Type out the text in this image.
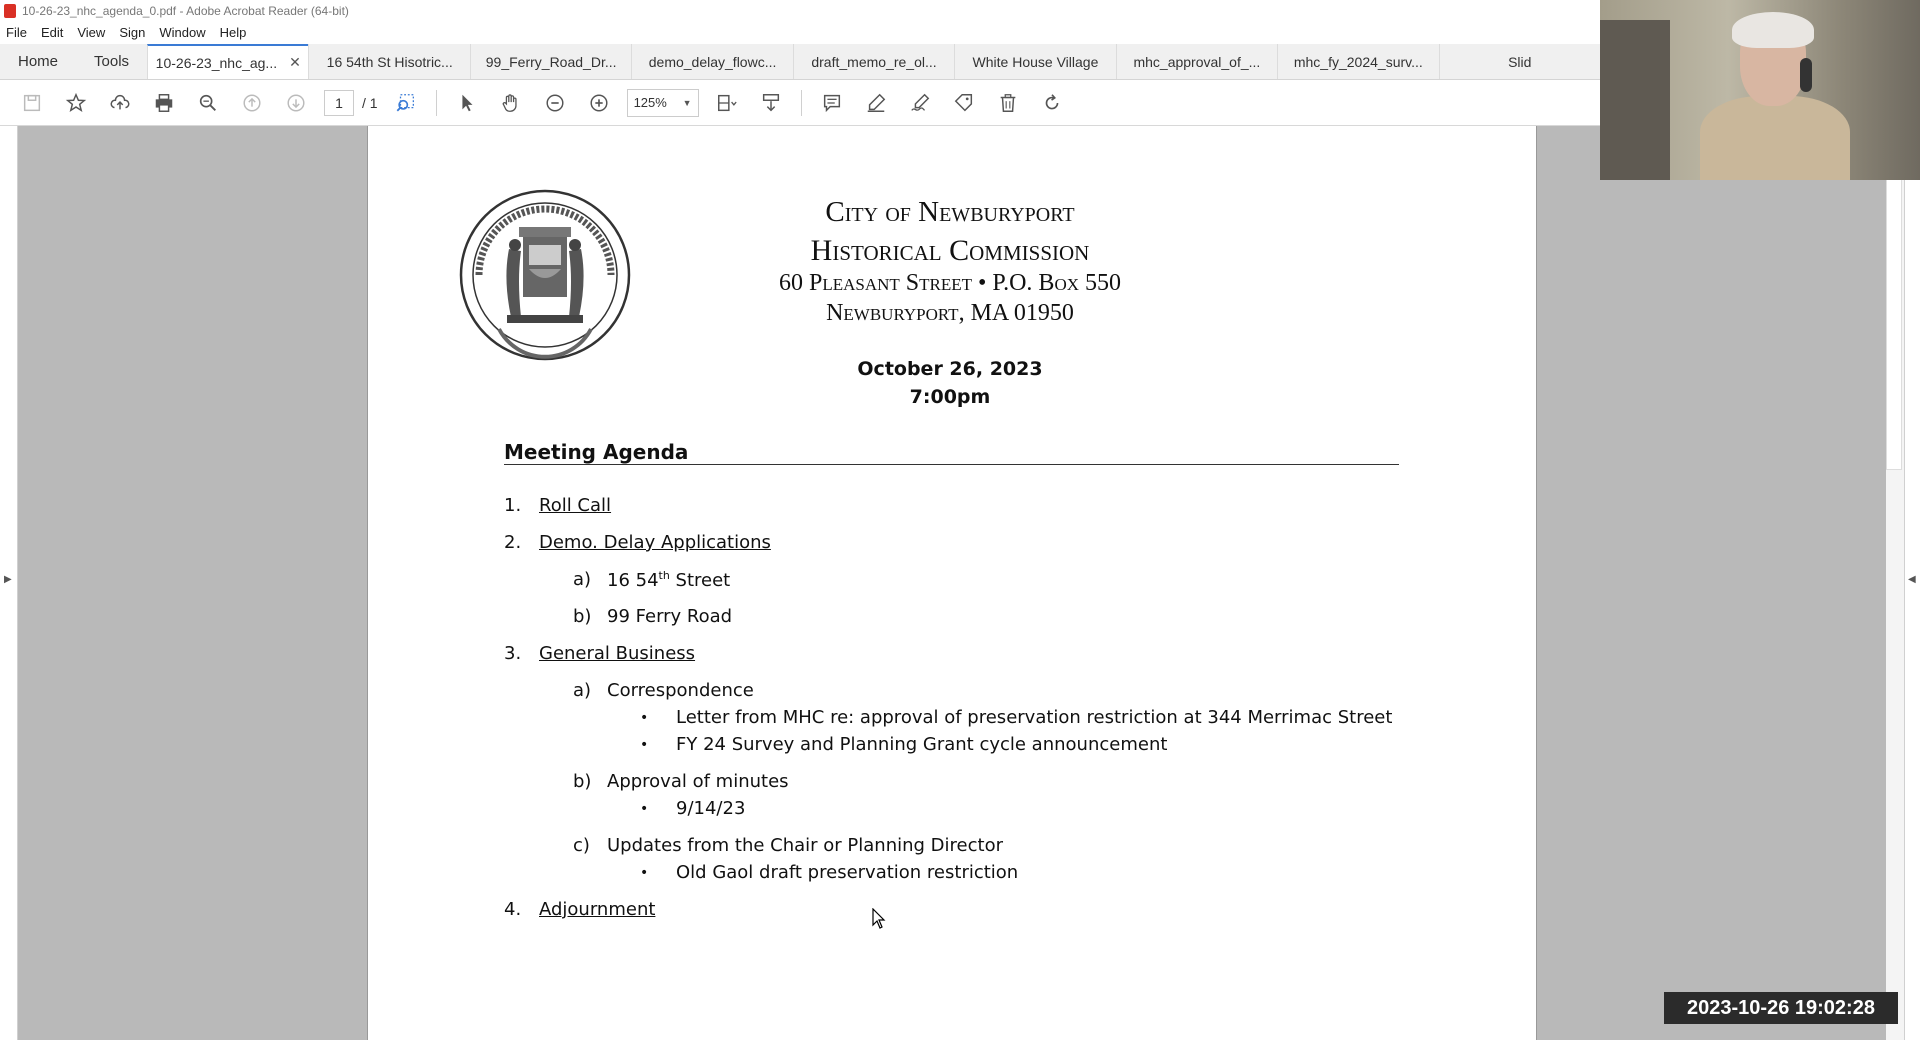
10-26-23_nhc_agenda_0.pdf - Adobe Acrobat Reader (64-bit)
File Edit View Sign Window Help
Home	Tools	10-26-23_nhc_ag... ✕ 16 54th St Hisotric... 99_Ferry_Road_Dr... demo_delay_flowc... draft_memo_re_ol...	White House Village	mhc_approval_of_... mhc_fy_2024_surv...	Slid
1	/ 1	125% ▼
▶	◀
City of Newburyport
Historical Commission
60 Pleasant Street • P.O. Box 550
Newburyport, MA 01950
October 26, 2023
7:00pm
Meeting Agenda
1. Roll Call
2. Demo. Delay Applications
a) 16 54th Street
b) 99 Ferry Road
3. General Business
a) Correspondence
• Letter from MHC re: approval of preservation restriction at 344 Merrimac Street
• FY 24 Survey and Planning Grant cycle announcement
b) Approval of minutes
• 9/14/23
c) Updates from the Chair or Planning Director
• Old Gaol draft preservation restriction
4. Adjournment
2023-10-26 19:02:28
